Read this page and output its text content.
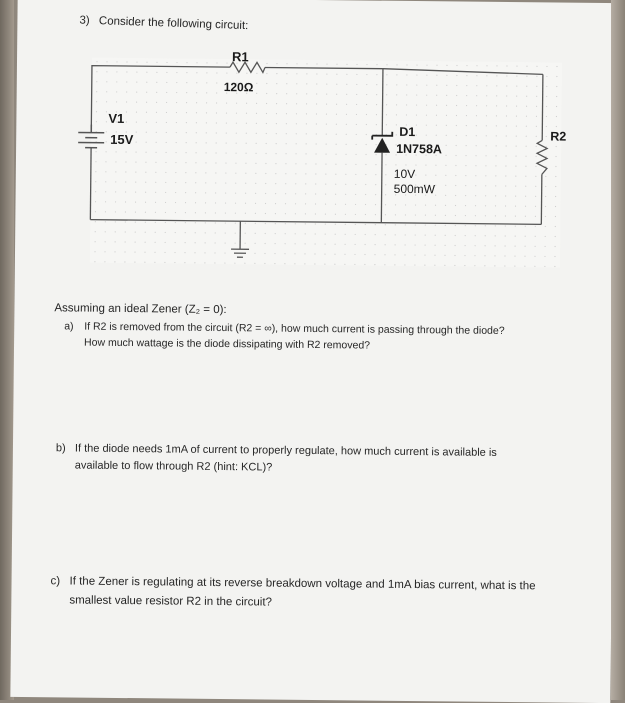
3) Consider the following circuit:
R1
120Ω
V1
15V	D1
1N758A
10V
500mW
R2
Assuming an ideal Zener (Z₂ = 0):
a) If R2 is removed from the circuit (R2 = ∞), how much current is passing through the diode?
How much wattage is the diode dissipating with R2 removed?
b) If the diode needs 1mA of current to properly regulate, how much current is available is
available to flow through R2 (hint: KCL)?
c) If the Zener is regulating at its reverse breakdown voltage and 1mA bias current, what is the
smallest value resistor R2 in the circuit?
